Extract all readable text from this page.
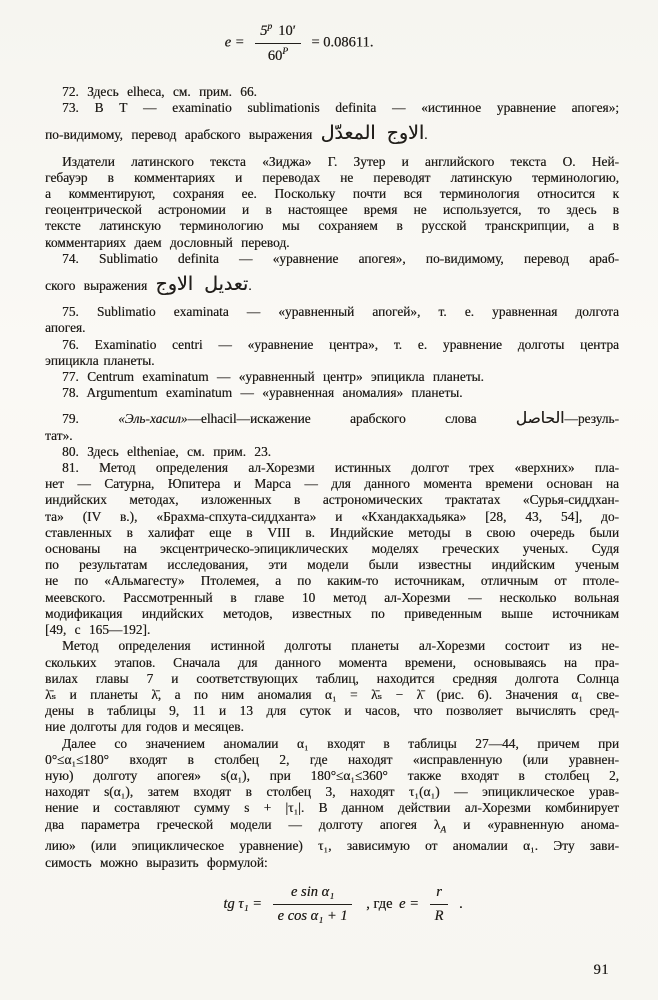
$e = \frac{5^p 10'}{60^P} = 0.08611$.
72. Здесь elheca, см. прим. 66.
73. В Т — examinatio sublimationis definita — «истинное уравнение апогея»;
по-видимому, перевод арабского выражения الاوج المعدّل.
Издатели латинского текста «Зиджа» Г. Зутер и английского текста О. Ней-
гебауэр в комментариях и переводах не переводят латинскую терминологию,
а комментируют, сохраняя ее. Поскольку почти вся терминология относится к
геоцентрической астрономии и в настоящее время не используется, то здесь в
тексте латинскую терминологию мы сохраняем в русской транскрипции, а в
комментариях даем дословный перевод.
74. Sublimatio definita — «уравнение апогея», по-видимому, перевод араб-
ского выражения تعديل الاوج.
75. Sublimatio examinata — «уравненный апогей», т. е. уравненная долгота
апогея.
76. Examinatio centri — «уравнение центра», т. е. уравнение долготы центра
эпицикла планеты.
77. Centrum examinatum — «уравненный центр» эпицикла планеты.
78. Argumentum examinatum — «уравненная аномалия» планеты.
79. «Эль-хасил»—elhacil—искажение арабского слова الحاصل—резуль-
тат».
80. Здесь eltheniae, см. прим. 23.
81. Метод определения ал-Хорезми истинных долгот трех «верхних» пла-
нет — Сатурна, Юпитера и Марса — для данного момента времени основан на
индийских методах, изложенных в астрономических трактатах «Сурья-сиддхан-
та» (IV в.), «Брахма-спхута-сиддханта» и «Кхандакхадьяка» [28, 43, 54], до-
ставленных в халифат еще в VIII в. Индийские методы в свою очередь были
основаны на эксцентрическо-эпициклических моделях греческих ученых. Судя
по результатам исследования, эти модели были известны индийским ученым
не по «Альмагесту» Птолемея, а по каким-то источникам, отличным от птоле-
меевского. Рассмотренный в главе 10 метод ал-Хорезми — несколько вольная
модификация индийских методов, известных по приведенным выше источникам
[49, с 165—192].
Метод определения истинной долготы планеты ал-Хорезми состоит из не-
скольких этапов. Сначала для данного момента времени, основываясь на пра-
вилах главы 7 и соответствующих таблиц, находится средняя долгота Солнца
λ̄ₛ и планеты λ̄, а по ним аномалия α₁ = λ̄ₛ − λ̄ (рис. 6). Значения α₁ све-
дены в таблицы 9, 11 и 13 для суток и часов, что позволяет вычислять сред-
ние долготы для годов и месяцев.
Далее со значением аномалии α₁ входят в таблицы 27—44, причем при
0°≤α₁≤180° входят в столбец 2, где находят «исправленную (или уравнен-
ную) долготу апогея» s(α₁), при 180°≤α₁≤360° также входят в столбец 2,
находят s(α₁), затем входят в столбец 3, находят τ₁(α₁) — эпициклическое урав-
нение и составляют сумму s + |τ₁|. В данном действии ал-Хорезми комбинирует
два параметра греческой модели — долготу апогея $\lambda_A$ и «уравненную анома-
лию» (или эпициклическое уравнение) τ₁, зависимую от аномалии α₁. Эту зави-
симость можно выразить формулой:
tg $\tau_1 = \frac{\text{e sin α₁}}{\text{e cos α₁ + 1}}$ , где $e = \frac{r}{R}$ .
91
